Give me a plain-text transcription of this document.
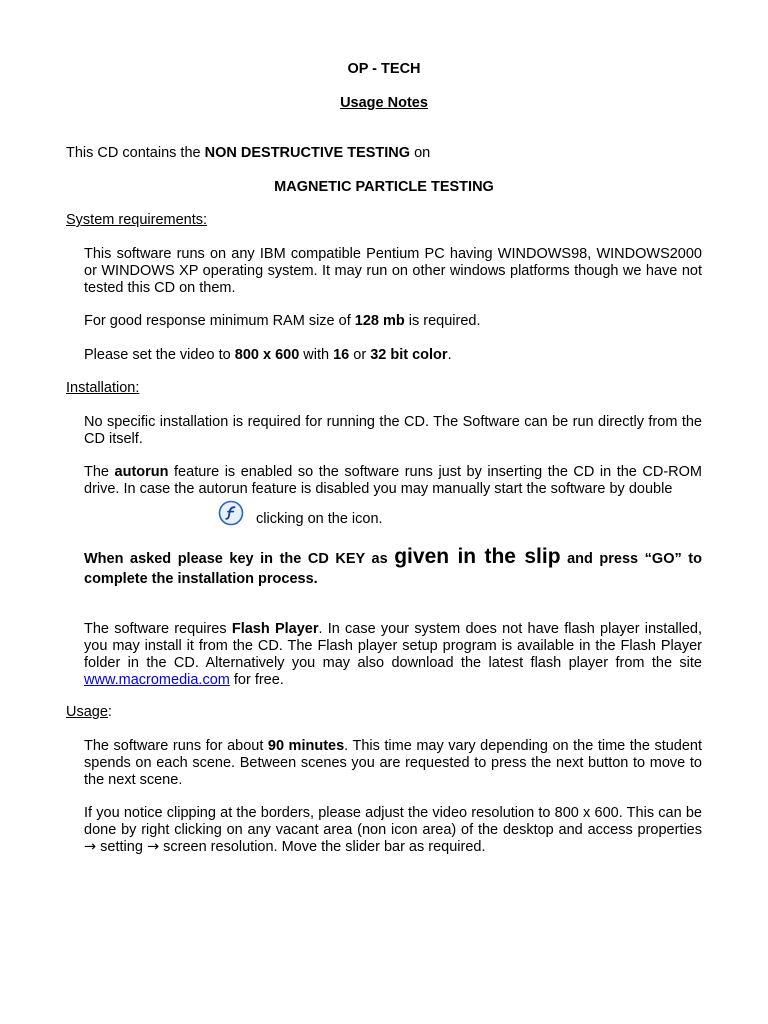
OP - TECH
Usage Notes
This CD contains the NON DESTRUCTIVE TESTING on
MAGNETIC PARTICLE TESTING
System requirements:
This software runs on any IBM compatible Pentium PC having WINDOWS98, WINDOWS2000 or WINDOWS XP operating system. It may run on other windows platforms though we have not tested this CD on them.
For good response minimum RAM size of 128 mb is required.
Please set the video to 800 x 600 with 16 or 32 bit color.
Installation:
No specific installation is required for running the CD. The Software can be run directly from the CD itself.
The autorun feature is enabled so the software runs just by inserting the CD in the CD-ROM drive. In case the autorun feature is disabled you may manually start the software by double
clicking on the icon.
When asked please key in the CD KEY as given in the slip and press “GO” to complete the installation process.
The software requires Flash Player. In case your system does not have flash player installed, you may install it from the CD. The Flash player setup program is available in the Flash Player folder in the CD. Alternatively you may also download the latest flash player from the site www.macromedia.com for free.
Usage:
The software runs for about 90 minutes. This time may vary depending on the time the student spends on each scene. Between scenes you are requested to press the next button to move to the next scene.
If you notice clipping at the borders, please adjust the video resolution to 800 x 600. This can be done by right clicking on any vacant area (non icon area) of the desktop and access properties → setting → screen resolution. Move the slider bar as required.
